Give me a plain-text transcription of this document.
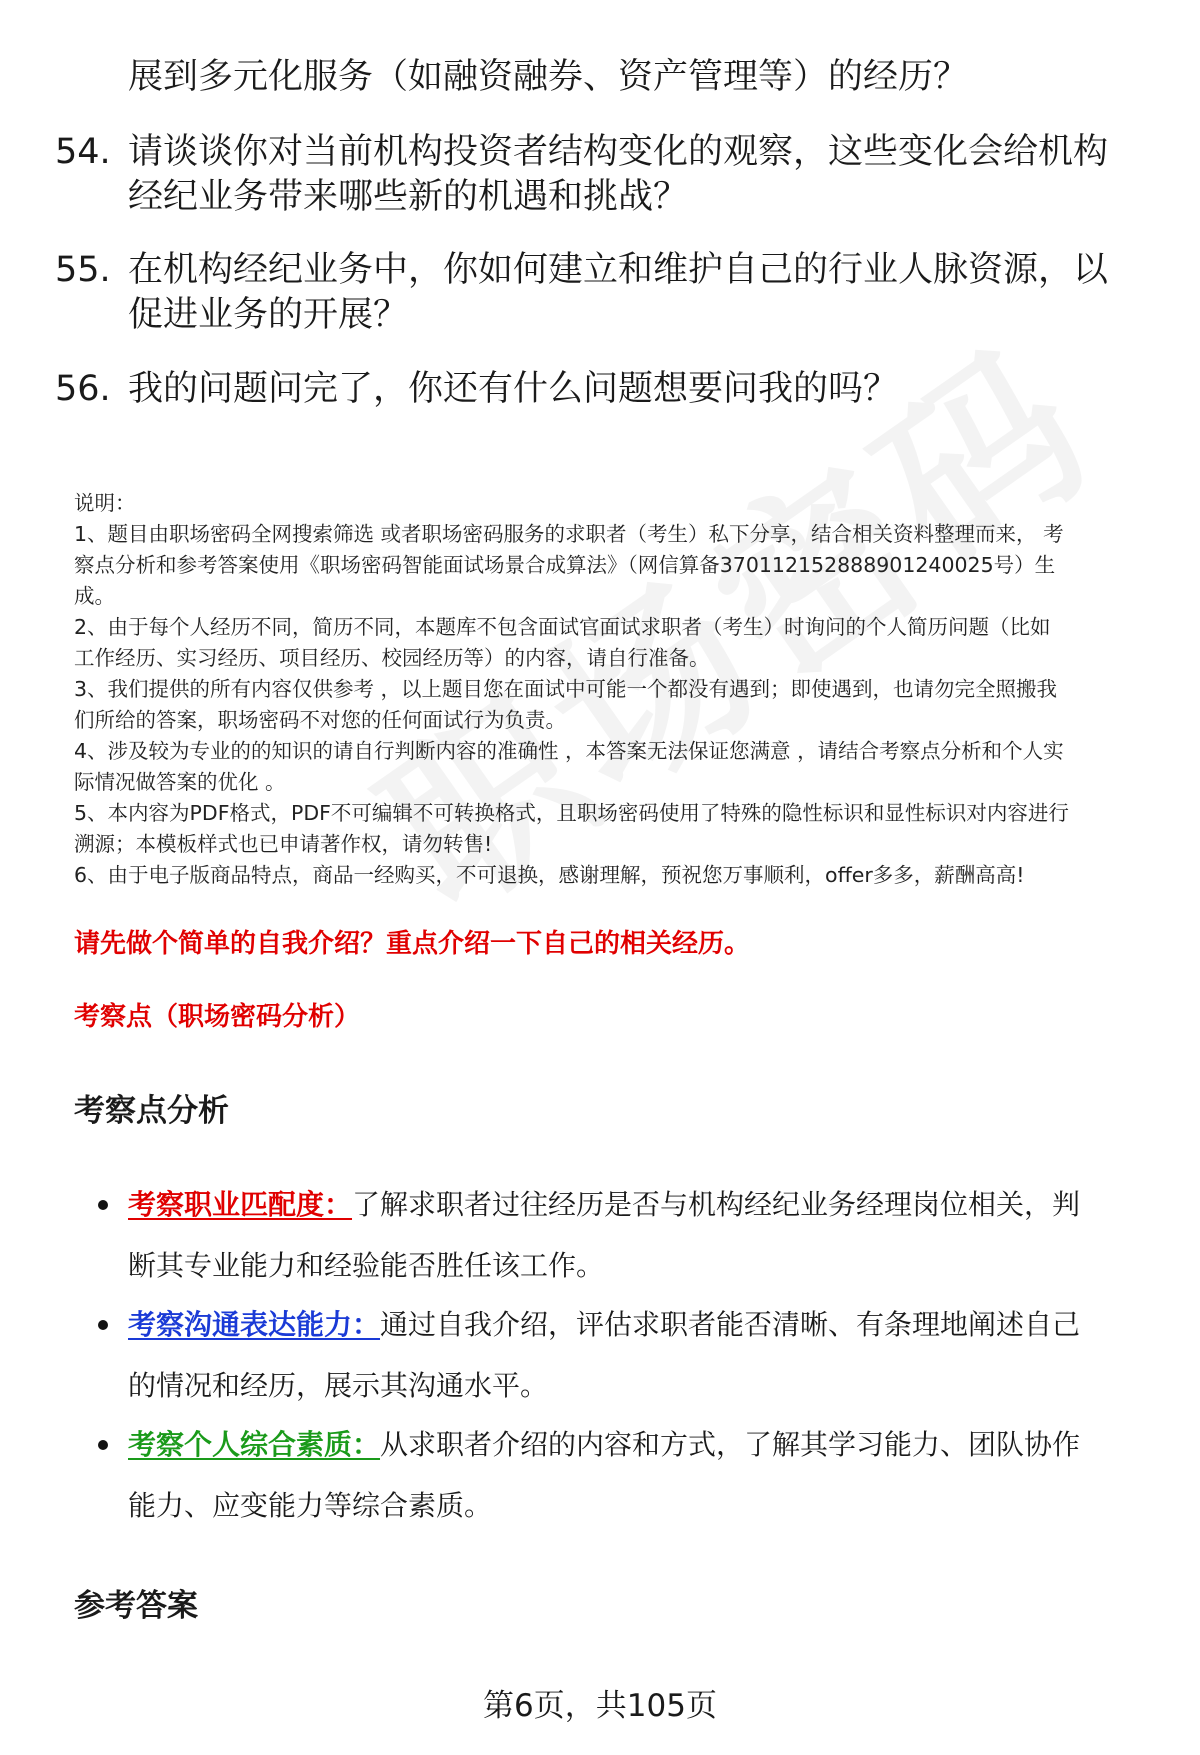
展到多元化服务（如融资融券、资产管理等）的经历？
54. 请谈谈你对当前机构投资者结构变化的观察，这些变化会给机构
经纪业务带来哪些新的机遇和挑战？
55. 在机构经纪业务中，你如何建立和维护自己的行业人脉资源，以
促进业务的开展？
56. 我的问题问完了，你还有什么问题想要问我的吗？

说明：

1、题目由职场密码全网搜索筛选 或者职场密码服务的求职者（考生）私下分享，结合相关资料整理而来， 考

察点分析和参考答案使用《职场密码智能面试场景合成算法》（网信算备370112152888901240025号）生

成。

2、由于每个人经历不同，简历不同，本题库不包含面试官面试求职者（考生）时询问的个人简历问题（比如

工作经历、实习经历、项目经历、校园经历等）的内容，请自行准备。

3、我们提供的所有内容仅供参考 ，以上题目您在面试中可能一个都没有遇到；即使遇到，也请勿完全照搬我

们所给的答案，职场密码不对您的任何面试行为负责。

4、涉及较为专业的的知识的请自行判断内容的准确性 ，本答案无法保证您满意 ，请结合考察点分析和个人实

际情况做答案的优化 。

5、本内容为PDF格式，PDF不可编辑不可转换格式，且职场密码使用了特殊的隐性标识和显性标识对内容进行

溯源；本模板样式也已申请著作权，请勿转售!

6、由于电子版商品特点，商品一经购买，不可退换，感谢理解，预祝您万事顺利，offer多多，薪酬高高!

请先做个简单的自我介绍？重点介绍一下自己的相关经历。
考察点（职场密码分析）
考察点分析
考察职业匹配度：了解求职者过往经历是否与机构经纪业务经理岗位相关，判
断其专业能力和经验能否胜任该工作。
考察沟通表达能力：通过自我介绍，评估求职者能否清晰、有条理地阐述自己
的情况和经历，展示其沟通水平。
考察个人综合素质：从求职者介绍的内容和方式，了解其学习能力、团队协作
能力、应变能力等综合素质。
参考答案
第6页，共105页
